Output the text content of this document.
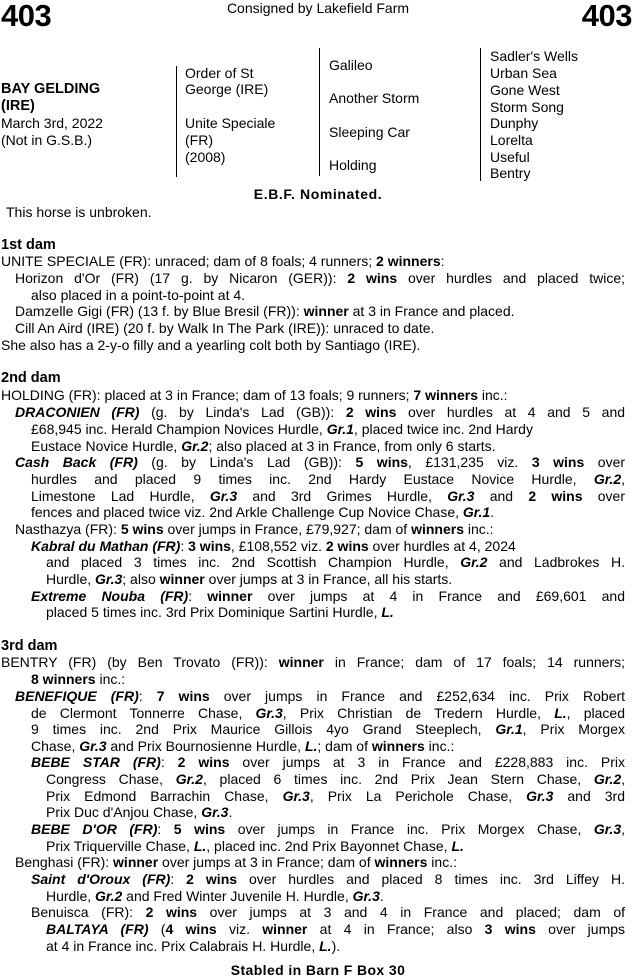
403	403
Consigned by Lakefield Farm
BAY GELDING
(IRE)
March 3rd, 2022
(Not in G.S.B.)
Order of St
George (IRE)
Unite Speciale
(FR)
(2008)
Galileo
Another Storm
Sleeping Car
Holding
Sadler's Wells
Urban Sea
Gone West
Storm Song
Dunphy
Lorelta
Useful
Bentry
E.B.F. Nominated.
This horse is unbroken.
1st dam
UNITE SPECIALE (FR): unraced; dam of 8 foals; 4 runners; 2 winners:
Horizon d'Or (FR) (17 g. by Nicaron (GER)): 2 wins over hurdles and placed twice;
also placed in a point-to-point at 4.
Damzelle Gigi (FR) (13 f. by Blue Bresil (FR)): winner at 3 in France and placed.
Cill An Aird (IRE) (20 f. by Walk In The Park (IRE)): unraced to date.
She also has a 2-y-o filly and a yearling colt both by Santiago (IRE).
2nd dam
HOLDING (FR): placed at 3 in France; dam of 13 foals; 9 runners; 7 winners inc.:
DRACONIEN (FR) (g. by Linda's Lad (GB)): 2 wins over hurdles at 4 and 5 and
£68,945 inc. Herald Champion Novices Hurdle, Gr.1, placed twice inc. 2nd Hardy
Eustace Novice Hurdle, Gr.2; also placed at 3 in France, from only 6 starts.
Cash Back (FR) (g. by Linda's Lad (GB)): 5 wins, £131,235 viz. 3 wins over
hurdles and placed 9 times inc. 2nd Hardy Eustace Novice Hurdle, Gr.2,
Limestone Lad Hurdle, Gr.3 and 3rd Grimes Hurdle, Gr.3 and 2 wins over
fences and placed twice viz. 2nd Arkle Challenge Cup Novice Chase, Gr.1.
Nasthazya (FR): 5 wins over jumps in France, £79,927; dam of winners inc.:
Kabral du Mathan (FR): 3 wins, £108,552 viz. 2 wins over hurdles at 4, 2024
and placed 3 times inc. 2nd Scottish Champion Hurdle, Gr.2 and Ladbrokes H.
Hurdle, Gr.3; also winner over jumps at 3 in France, all his starts.
Extreme Nouba (FR): winner over jumps at 4 in France and £69,601 and
placed 5 times inc. 3rd Prix Dominique Sartini Hurdle, L.
3rd dam
BENTRY (FR) (by Ben Trovato (FR)): winner in France; dam of 17 foals; 14 runners;
8 winners inc.:
BENEFIQUE (FR): 7 wins over jumps in France and £252,634 inc. Prix Robert
de Clermont Tonnerre Chase, Gr.3, Prix Christian de Tredern Hurdle, L., placed
9 times inc. 2nd Prix Maurice Gillois 4yo Grand Steeplech, Gr.1, Prix Morgex
Chase, Gr.3 and Prix Bournosienne Hurdle, L.; dam of winners inc.:
BEBE STAR (FR): 2 wins over jumps at 3 in France and £228,883 inc. Prix
Congress Chase, Gr.2, placed 6 times inc. 2nd Prix Jean Stern Chase, Gr.2,
Prix Edmond Barrachin Chase, Gr.3, Prix La Perichole Chase, Gr.3 and 3rd
Prix Duc d'Anjou Chase, Gr.3.
BEBE D'OR (FR): 5 wins over jumps in France inc. Prix Morgex Chase, Gr.3,
Prix Triquerville Chase, L., placed inc. 2nd Prix Bayonnet Chase, L.
Benghasi (FR): winner over jumps at 3 in France; dam of winners inc.:
Saint d'Oroux (FR): 2 wins over hurdles and placed 8 times inc. 3rd Liffey H.
Hurdle, Gr.2 and Fred Winter Juvenile H. Hurdle, Gr.3.
Benuisca (FR): 2 wins over jumps at 3 and 4 in France and placed; dam of
BALTAYA (FR) (4 wins viz. winner at 4 in France; also 3 wins over jumps
at 4 in France inc. Prix Calabrais H. Hurdle, L.).
Stabled in Barn F Box 30
